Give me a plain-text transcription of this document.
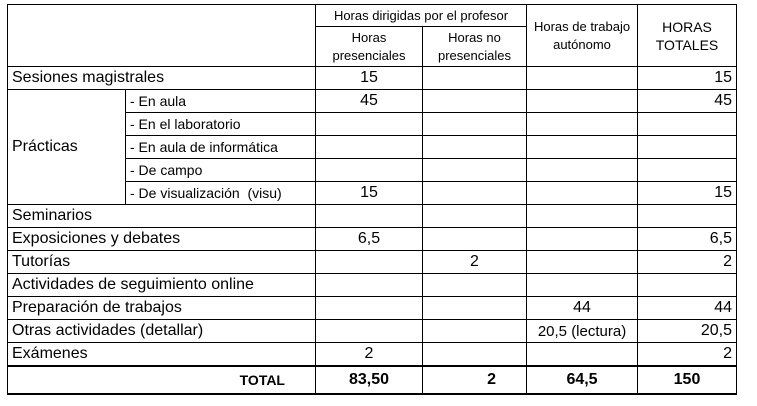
		Horas dirigidas por el profesor		Horas de trabajo autónomo	HORAS TOTALES
		Horas presenciales	Horas no presenciales		
Sesiones magistrales		15			15
Prácticas	- En aula	45			45
	- En el laboratorio				
	- En aula de informática				
	- De campo				
	- De visualización  (visu)	15			15
Seminarios					
Exposiciones y debates		6,5			6,5
Tutorías			2		2
Actividades de seguimiento online					
Preparación de trabajos				44	44
Otras actividades (detallar)				20,5 (lectura)	20,5
Exámenes		2			2
TOTAL		83,50	2	64,5	150
